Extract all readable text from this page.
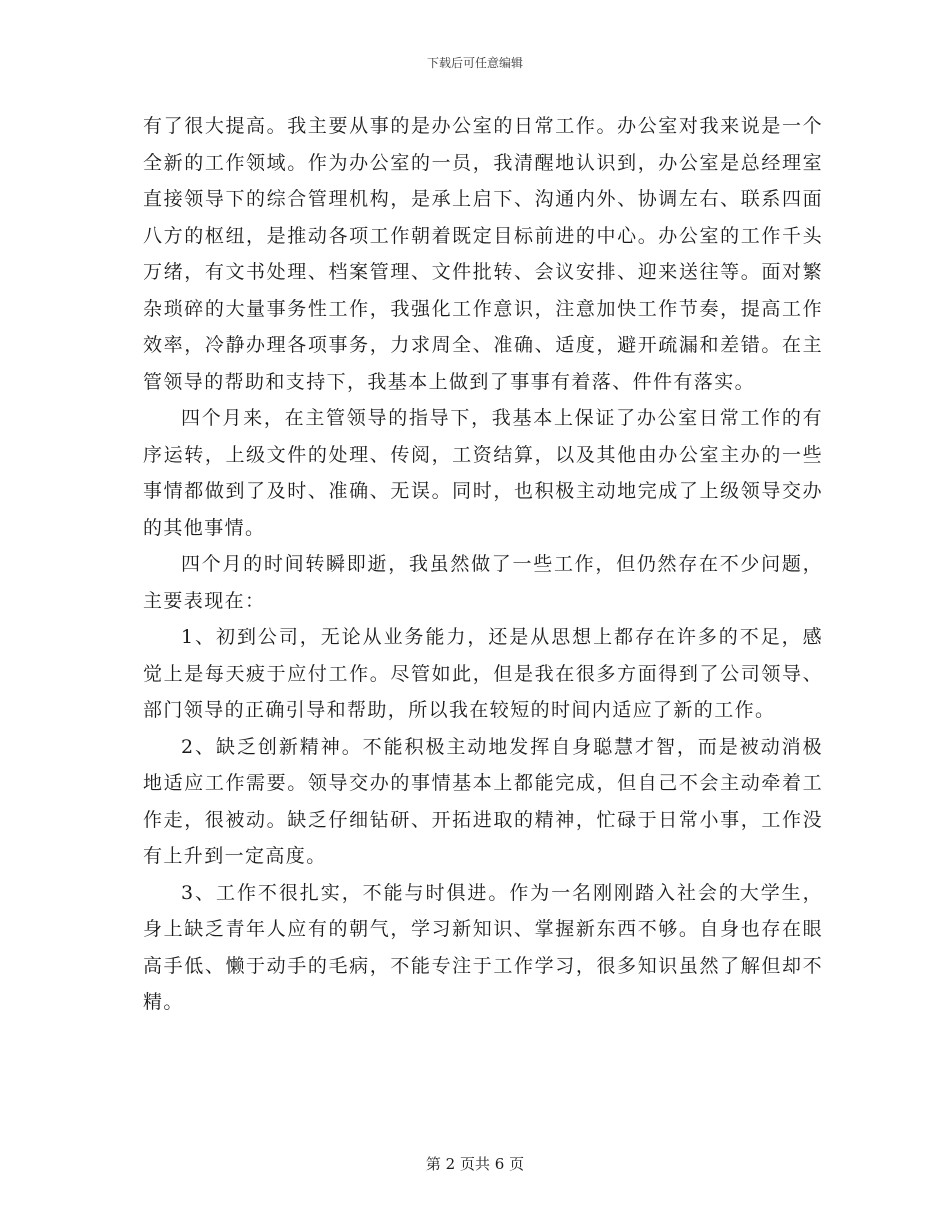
下载后可任意编辑

有了很大提高。我主要从事的是办公室的日常工作。办公室对我来说是一个全新的工作领域。作为办公室的一员，我清醒地认识到，办公室是总经理室直接领导下的综合管理机构，是承上启下、沟通内外、协调左右、联系四面八方的枢纽，是推动各项工作朝着既定目标前进的中心。办公室的工作千头万绪，有文书处理、档案管理、文件批转、会议安排、迎来送往等。面对繁杂琐碎的大量事务性工作，我强化工作意识，注意加快工作节奏，提高工作效率，冷静办理各项事务，力求周全、准确、适度，避开疏漏和差错。在主管领导的帮助和支持下，我基本上做到了事事有着落、件件有落实。

四个月来，在主管领导的指导下，我基本上保证了办公室日常工作的有序运转，上级文件的处理、传阅，工资结算，以及其他由办公室主办的一些事情都做到了及时、准确、无误。同时，也积极主动地完成了上级领导交办的其他事情。

四个月的时间转瞬即逝，我虽然做了一些工作，但仍然存在不少问题，主要表现在：

1、初到公司，无论从业务能力，还是从思想上都存在许多的不足，感觉上是每天疲于应付工作。尽管如此，但是我在很多方面得到了公司领导、部门领导的正确引导和帮助，所以我在较短的时间内适应了新的工作。

2、缺乏创新精神。不能积极主动地发挥自身聪慧才智，而是被动消极地适应工作需要。领导交办的事情基本上都能完成，但自己不会主动牵着工作走，很被动。缺乏仔细钻研、开拓进取的精神，忙碌于日常小事，工作没有上升到一定高度。

3、工作不很扎实，不能与时俱进。作为一名刚刚踏入社会的大学生，身上缺乏青年人应有的朝气，学习新知识、掌握新东西不够。自身也存在眼高手低、懒于动手的毛病，不能专注于工作学习，很多知识虽然了解但却不精。

第 2 页共 6 页
